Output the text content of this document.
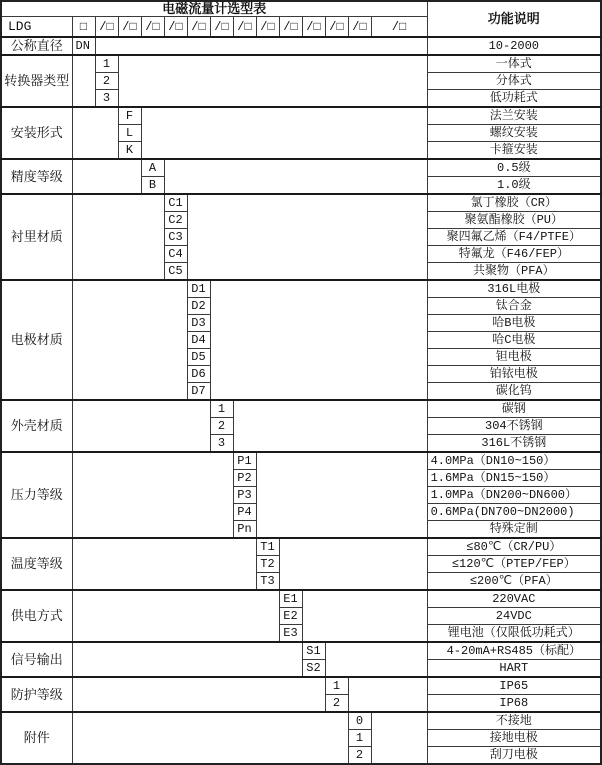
电磁流量计选型表															功能说明
LDG	□	/□	/□	/□	/□	/□	/□	/□	/□	/□	/□	/□	/□	/□	
公称直径	DN														10-2000
转换器类型		1													一体式
		2													分体式
		3													低功耗式
安装形式			F												法兰安装
			L												螺纹安装
			K												卡箍安装
精度等级				A											0.5级
				B											1.0级
衬里材质					C1										氯丁橡胶（CR）
					C2										聚氨酯橡胶（PU）
					C3										聚四氟乙烯（F4/PTFE）
					C4										特氟龙（F46/FEP）
					C5										共聚物（PFA）
电极材质						D1									316L电极
						D2									钛合金
						D3									哈B电极
						D4									哈C电极
						D5									钽电极
						D6									铂铱电极
						D7									碳化钨
外壳材质							1								碳钢
							2								304不锈钢
							3								316L不锈钢
压力等级								P1							4.0MPa（DN10~150）
								P2							1.6MPa（DN15~150）
								P3							1.0MPa（DN200~DN600）
								P4							0.6MPa(DN700~DN2000)
								Pn							特殊定制
温度等级									T1						≤80℃（CR/PU）
									T2						≤120℃（PTEP/FEP）
									T3						≤200℃（PFA）
供电方式										E1					220VAC
										E2					24VDC
										E3					锂电池（仅限低功耗式）
信号输出											S1				4-20mA+RS485（标配）
											S2				HART
防护等级												1			IP65
												2			IP68
附件													0		不接地
													1		接地电极
													2		刮刀电极
